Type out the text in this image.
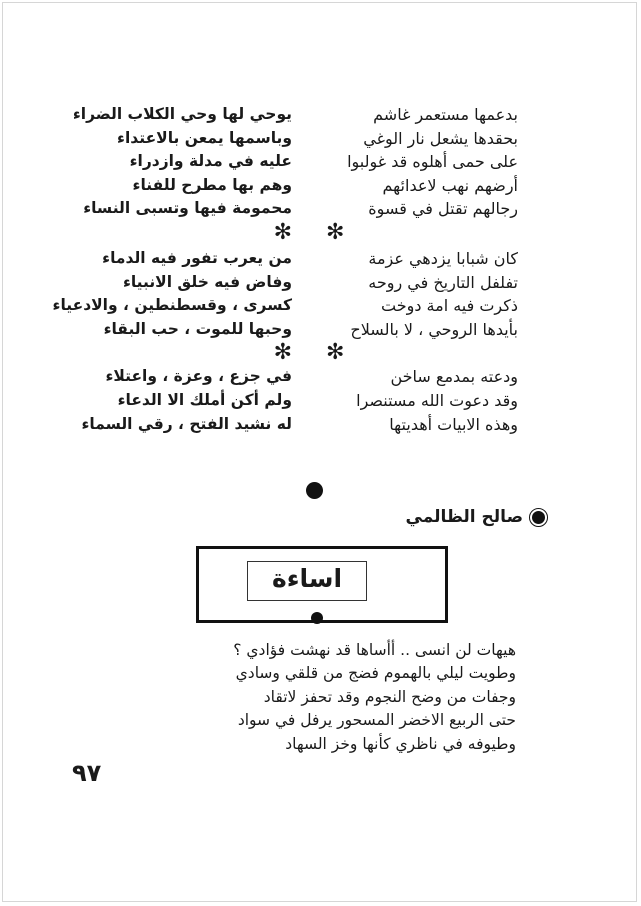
بدعمها مستعمر غاشم
بحقدها يشعل نار الوغي
على حمى أهلوه قد غولبوا
أرضهم نهب لاعدائهم
رجالهم تقتل في قسوة
✻
كان شبابا يزدهي عزمة
تفلفل التاريخ في روحه
ذكرت فيه امة دوخت
بأيدها الروحي ، لا بالسلاح
✻
ودعته بمدمع ساخن
وقد دعوت الله مستنصرا
وهذه الابيات أهديتها
يوحي لها وحي الكلاب الضراء
وباسمها يمعن بالاعتداء
عليه في مدلة وازدراء
وهم بها مطرح للفناء
محمومة فيها وتسبى النساء
✻
من يعرب تفور فيه الدماء
وفاض فيه خلق الانبياء
كسرى ، وقسطنطين ، والادعياء
وحبها للموت ، حب البقاء
✻
في جزع ، وعزة ، واعتلاء
ولم أكن أملك الا الدعاء
له نشيد الفتح ، رقي السماء
صالح الظالمي
اساءة
هيهات لن انسى .. أأساها قد نهشت فؤادي ؟
وطويت ليلي بالهموم فضج من قلقي وسادي
وجفات من وضح النجوم وقد تحفز لاتقاد
حتى الربيع الاخضر المسحور يرفل في سواد
وطيوفه في ناظري كأنها وخز السهاد
٩٧
